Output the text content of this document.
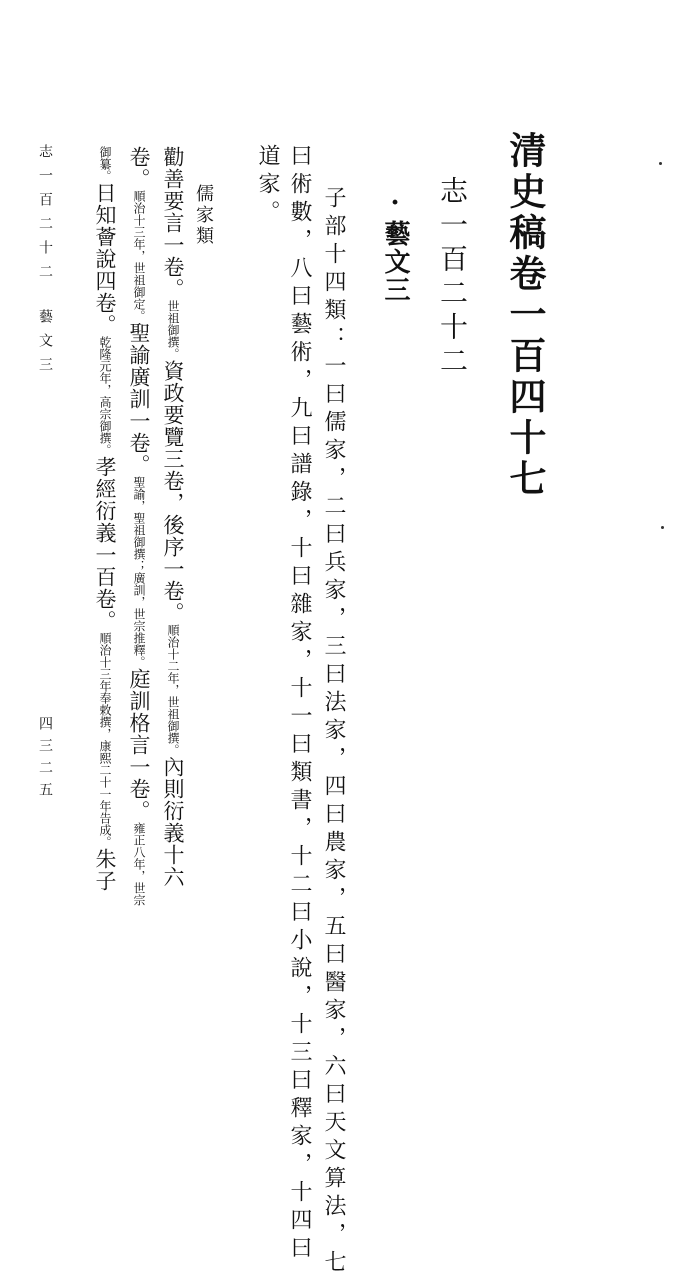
清史稿卷一百四十七
志一百二十二
·藝文三
子部十四類：一曰儒家，二曰兵家，三曰法家，四曰農家，五曰醫家，六曰天文算法，七
曰術數，八曰藝術，九曰譜錄，十曰雜家，十一曰類書，十二曰小說，十三曰釋家，十四曰
道家。
儒家類
勸善要言一卷。世祖御撰。資政要覽三卷，後序一卷。順治十二年，世祖御撰。內則衍義十六
卷。順治十三年，世祖御定。聖諭廣訓一卷。聖諭，聖祖御撰；廣訓，世宗推釋。庭訓格言一卷。雍正八年，世宗
御纂。日知薈說四卷。乾隆元年，高宗御撰。孝經衍義一百卷。順治十三年奉敕撰，康熙二十一年告成。朱子
志一百二十二
藝文三
四三二五
